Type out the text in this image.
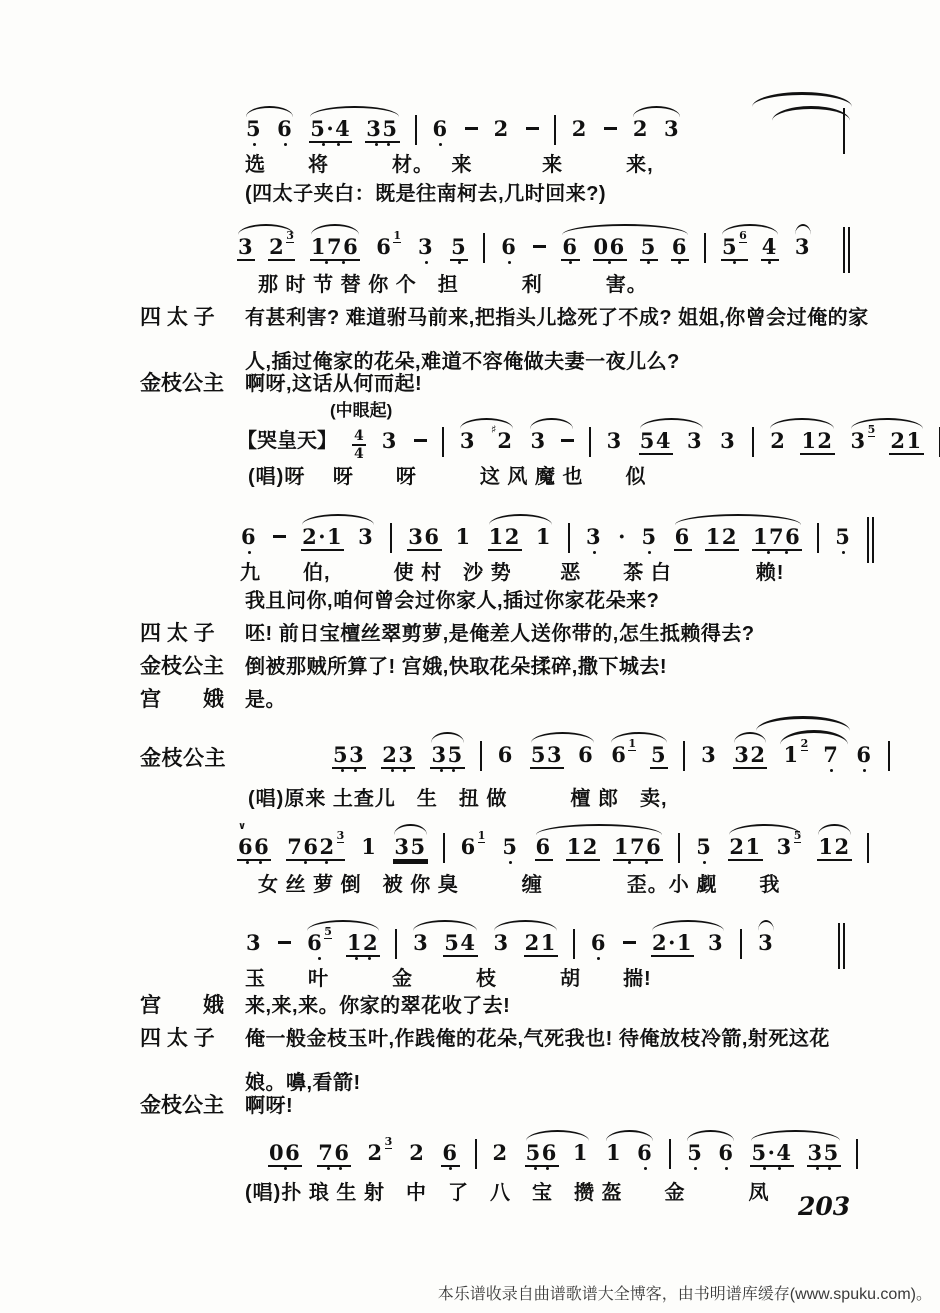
5 6 5·4 35 6 2	2 2 3
选　　将　　　材。　 来　　　 来　　　来,
(四太子夹白：既是往南柯去,几时回来?)
3 $2^3$ 176 $6^1$ 3 5 6 6 06 5 6 $5^6$ 4 3
那 时 节 替 你 个　担　　　利　　　害。
四 太 子	有甚利害? 难道驸马前来,把指头儿捻死了不成? 姐姐,你曾会过俺的家人,插过俺家的花朵,难道不容俺做夫妻一夜儿么?
金枝公主	啊呀,这话从何而起!
(中眼起)
【哭皇天】 $\frac{4}{4} 3$	3 ♯2 3	3 54 3 3 2 12 $3^5$ 21
(唱)呀　 呀　　呀　　　这 风 魔 也　　似
6 2·1 3 36 1 12 1 3 · 5 6 12 176 5
九　　伯,　　　使 村　沙 势　　 恶　　茶 白　　　　赖!
我且问你,咱何曾会过你家人,插过你家花朵来?
四 太 子	呸! 前日宝檀丝翠剪萝,是俺差人送你带的,怎生抵赖得去?
金枝公主	倒被那贼所算了! 宫娥,快取花朵揉碎,撒下城去!
宫　　娥	是。
金枝公主	53 23 35 6 53 6 $6^1$ 5 3 32 $1^2$ 7 6
(唱)原来 土查儿　生　扭 做　　　檀 郎　卖,
66
∨
$762^3$ 1 35 $6^1$ 5 6 12 176 5 21 $3^5$ 12
女 丝 萝 倒　被 你 臭　　　缠　　　　歪。小 觑　　我
3 $6^5$ 12 3 54 3 21 6 2·1 3 3
玉　　叶　　　金　　　枝　　　胡　　揣!
宫　　娥	来,来,来。你家的翠花收了去!
四 太 子	俺一般金枝玉叶,作践俺的花朵,气死我也! 待俺放枝冷箭,射死这花娘。嚊,看箭!
金枝公主	啊呀!
06 76 $2^3$ 2 6 2 56 1 1 6 5 6 5·4 35
(唱)扑 琅 生 射　中　了　八　宝　攒 盔　　金　　　凤 203
本乐谱收录自曲谱歌谱大全博客，由书明谱库缓存(www.spuku.com)。
